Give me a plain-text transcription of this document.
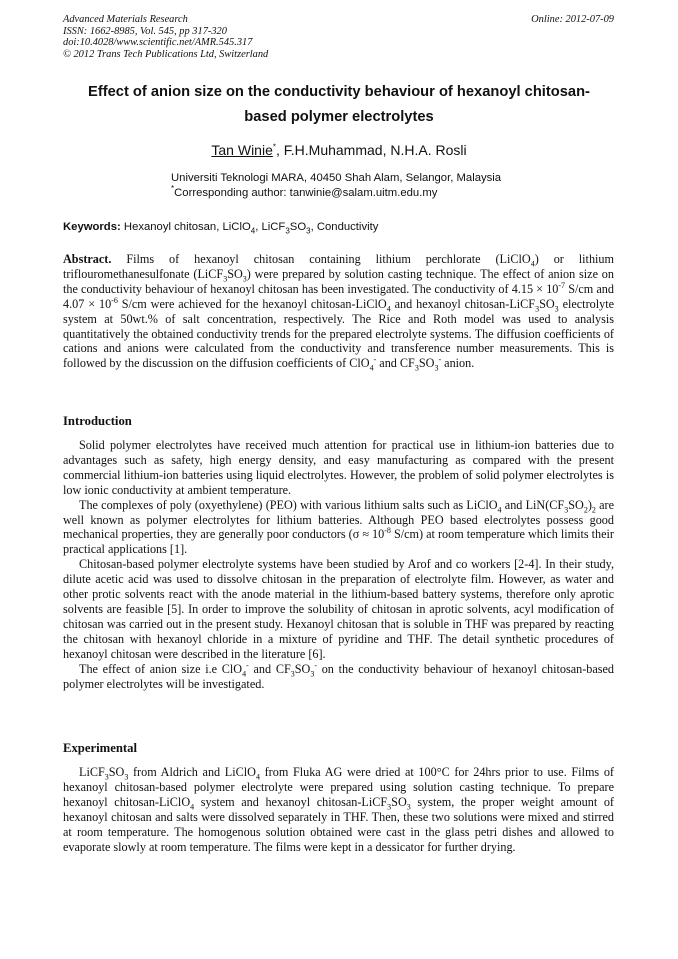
Advanced Materials Research
ISSN: 1662-8985, Vol. 545, pp 317-320
doi:10.4028/www.scientific.net/AMR.545.317
© 2012 Trans Tech Publications Ltd, Switzerland
Online: 2012-07-09
Effect of anion size on the conductivity behaviour of hexanoyl chitosan-
based polymer electrolytes
Tan Winie*, F.H.Muhammad, N.H.A. Rosli
Universiti Teknologi MARA, 40450 Shah Alam, Selangor, Malaysia
*Corresponding author: tanwinie@salam.uitm.edu.my
Keywords: Hexanoyl chitosan, LiClO$_4$, $LiCF_3SO_3$, Conductivity

Abstract. Films of hexanoyl chitosan containing lithium perchlorate (LiClO$_4$) or lithium triflouromethanesulfonate $(LiCF_3SO_3)$ were prepared by solution casting technique. The effect of anion size on the conductivity behaviour of hexanoyl chitosan has been investigated. The conductivity of $4.15 \times 10^{-7}$ S/cm and $4.07 \times 10^{-6}$ S/cm were achieved for the hexanoyl chitosan-LiClO$_4$ and hexanoyl chitosan-$LiCF_3SO_3$ electrolyte system at 50wt.% of salt concentration, respectively. The Rice and Roth model was used to analysis quantitatively the obtained conductivity trends for the prepared electrolyte systems. The diffusion coefficients of cations and anions were calculated from the conductivity and transference number measurements. This is followed by the discussion on the diffusion coefficients of ClO$_4$- and $CF_3SO_3^-$ anion.

Introduction
Solid polymer electrolytes have received much attention for practical use in lithium-ion batteries due to advantages such as safety, high energy density, and easy manufacturing as compared with the present commercial lithium-ion batteries using liquid electrolytes. However, the problem of solid polymer electrolytes is low ionic conductivity at ambient temperature.
The complexes of poly (oxyethylene) (PEO) with various lithium salts such as LiClO$_4$ and $LiN(CF_3SO_2)_2$ are well known as polymer electrolytes for lithium batteries. Although PEO based electrolytes possess good mechanical properties, they are generally poor conductors ($\sigma \approx 10^{-8}$ S/cm) at room temperature which limits their practical applications [1].
Chitosan-based polymer electrolyte systems have been studied by Arof and co workers [2-4]. In their study, dilute acetic acid was used to dissolve chitosan in the preparation of electrolyte film. However, as water and other protic solvents react with the anode material in the lithium-based battery systems, therefore only aprotic solvents are feasible [5]. In order to improve the solubility of chitosan in aprotic solvents, acyl modification of chitosan was carried out in the present study. Hexanoyl chitosan that is soluble in THF was prepared by reacting the chitosan with hexanoyl chloride in a mixture of pyridine and THF. The detail synthetic procedures of hexanoyl chitosan were described in the literature [6].
The effect of anion size i.e ClO$_4$- and $CF_3SO_3^-$ on the conductivity behaviour of hexanoyl chitosan-based polymer electrolytes will be investigated.
Experimental

$LiCF_3SO_3$ from Aldrich and LiClO$_4$ from Fluka AG were dried at 100°C for 24hrs prior to use. Films of hexanoyl chitosan-based polymer electrolyte were prepared using solution casting technique. To prepare hexanoyl chitosan-LiClO$_4$ system and hexanoyl chitosan-$LiCF_3SO_3$ system, the proper weight amount of hexanoyl chitosan and salts were dissolved separately in THF. Then, these two solutions were mixed and stirred at room temperature. The homogenous solution obtained were cast in the glass petri dishes and allowed to evaporate slowly at room temperature. The films were kept in a dessicator for further drying.
